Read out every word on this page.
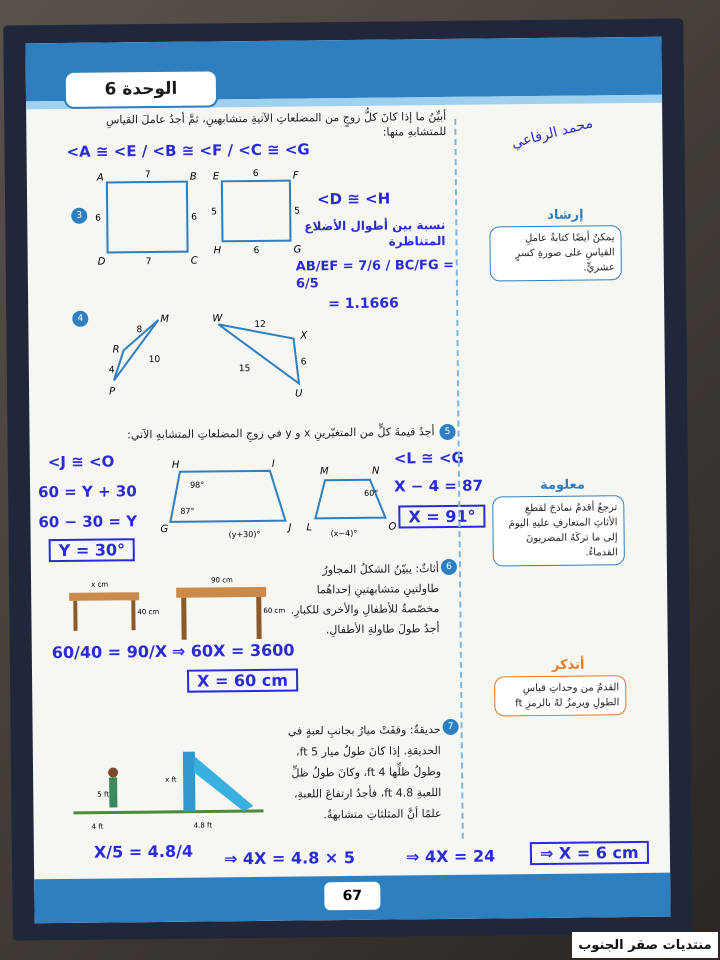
الوحدة 6
محمد الرفاعي
أبيِّنُ ما إذا كانَ كلُّ زوجٍ من المضلعاتِ الآتيةِ متشابهينِ، ثمَّ أجدُ عاملَ القياسِ للمتشابهِ منها:
<A ≅ <E / <B ≅ <F / <C ≅ <G
3
A	B
C
D
7
7
6	6
E	F
G
H
6
6
5	5
<D ≅ <H
نسبة بين أطوال الأضلاع المتناظرة
AB/EF = 7/6 / BC/FG = 6/5
= 1.1666
4	M
R
P
8
10
4
W
X
U
12
15
6
5
أجدُ قيمةَ كلٍّ من المتغيّرينِ x و y في زوجِ المضلعاتِ المتشابهِ الآتي:
H	I
G	J
98°
87°
(y+30)°
M	N
L	O
60°
(x−4)°
<J ≅ <O
60 = Y + 30
60 − 30 = Y
Y = 30°
<L ≅ <G
X − 4 = 87
X = 91°
6
أثاثٌ: يبيّنُ الشكلُ المجاورُ طاولتينِ متشابهتينِ إحداهُما مخصّصةٌ للأطفالِ والأخرى للكبارِ. أجدُ طولَ طاولةِ الأطفالِ.
x cm
40 cm
90 cm
60 cm
60/40 = 90/X ⇒ 60X = 3600
X = 60 cm
7
حديقةٌ: وقفَتْ ميارُ بجانبِ لعبةٍ في الحديقةِ. إذا كانَ طولُ ميار 5 ft، وطولُ ظلِّها 4 ft، وكانَ طولُ ظلِّ اللعبةِ 4.8 ft، فأجدُ ارتفاعَ اللعبةِ، علمًا أنَّ المثلثاتِ متشابهةٌ.
5 ft
4 ft	4.8 ft
x ft
X/5 = 4.8/4 ⇒ 4X = 4.8 × 5	⇒ 4X = 24	⇒ X = 6 cm
إرشاد
يمكنُ أيضًا كتابةُ عاملِ القياسِ على صورةِ كسرٍ عشريٍّ.
معلومة
ترجعُ أقدمُ نماذجَ لقطعِ الأثاثِ المتعارفِ عليهِ اليومَ إلى ما تركَهُ المصريونَ القدماءُ.
أتذكر
القدمُ من وحداتِ قياسِ الطولِ ويرمزُ لهُ بالرمزِ ft
67
منتديات صقر الجنوب
